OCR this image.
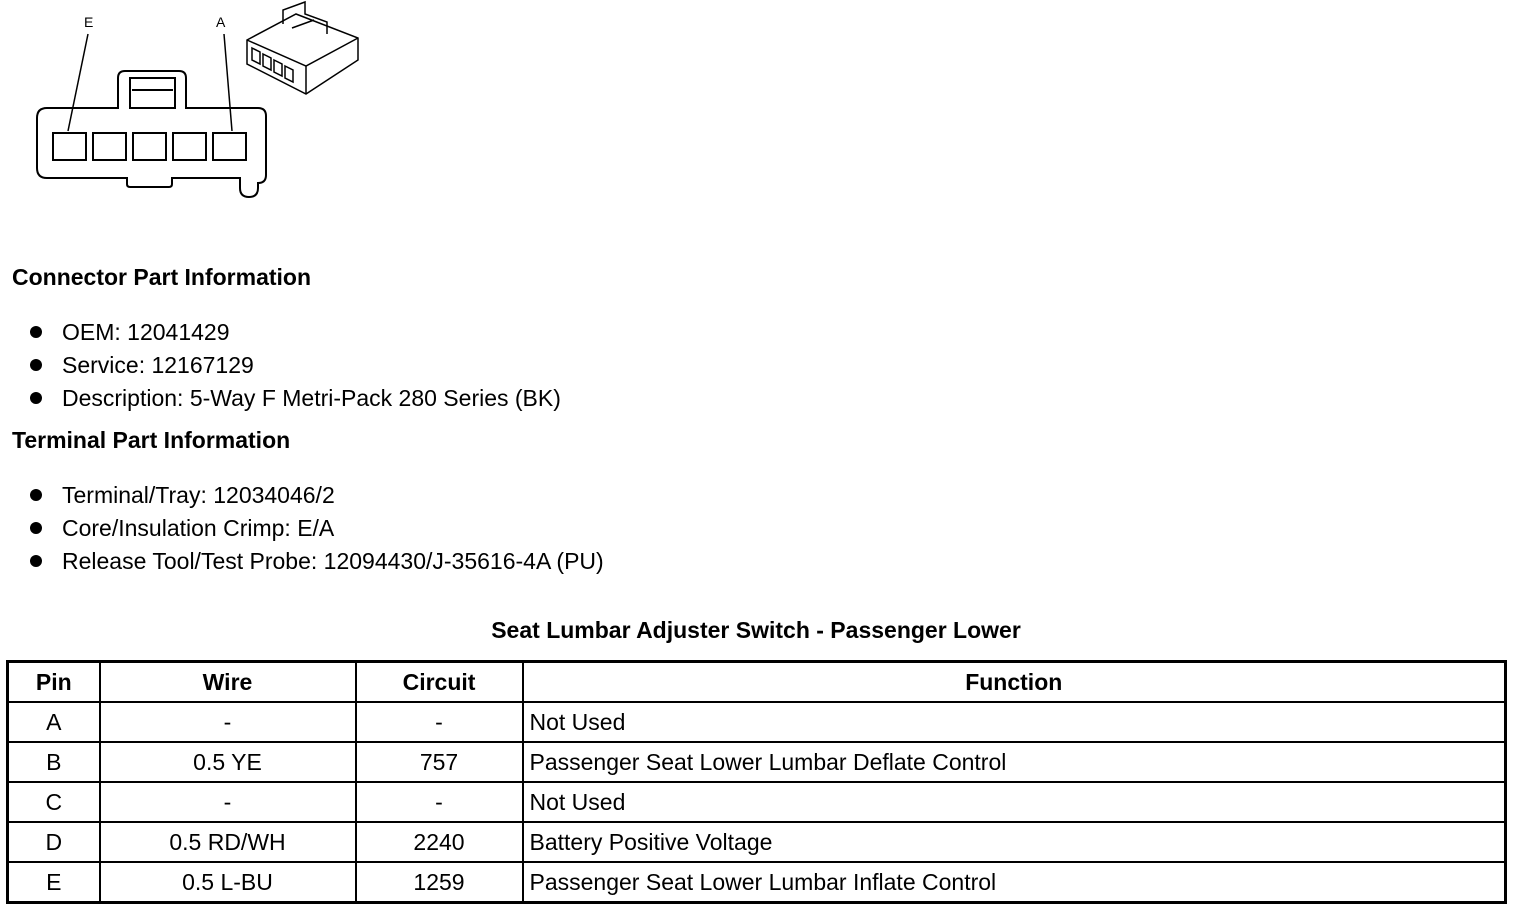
E	A
Connector Part Information
OEM: 12041429
Service: 12167129
Description: 5-Way F Metri-Pack 280 Series (BK)
Terminal Part Information
Terminal/Tray: 12034046/2
Core/Insulation Crimp: E/A
Release Tool/Test Probe: 12094430/J-35616-4A (PU)
Seat Lumbar Adjuster Switch - Passenger Lower
Pin	Wire	Circuit	Function
A	-	-	Not Used
B	0.5 YE	757	Passenger Seat Lower Lumbar Deflate Control
C	-	-	Not Used
D	0.5 RD/WH	2240	Battery Positive Voltage
E	0.5 L-BU	1259	Passenger Seat Lower Lumbar Inflate Control
